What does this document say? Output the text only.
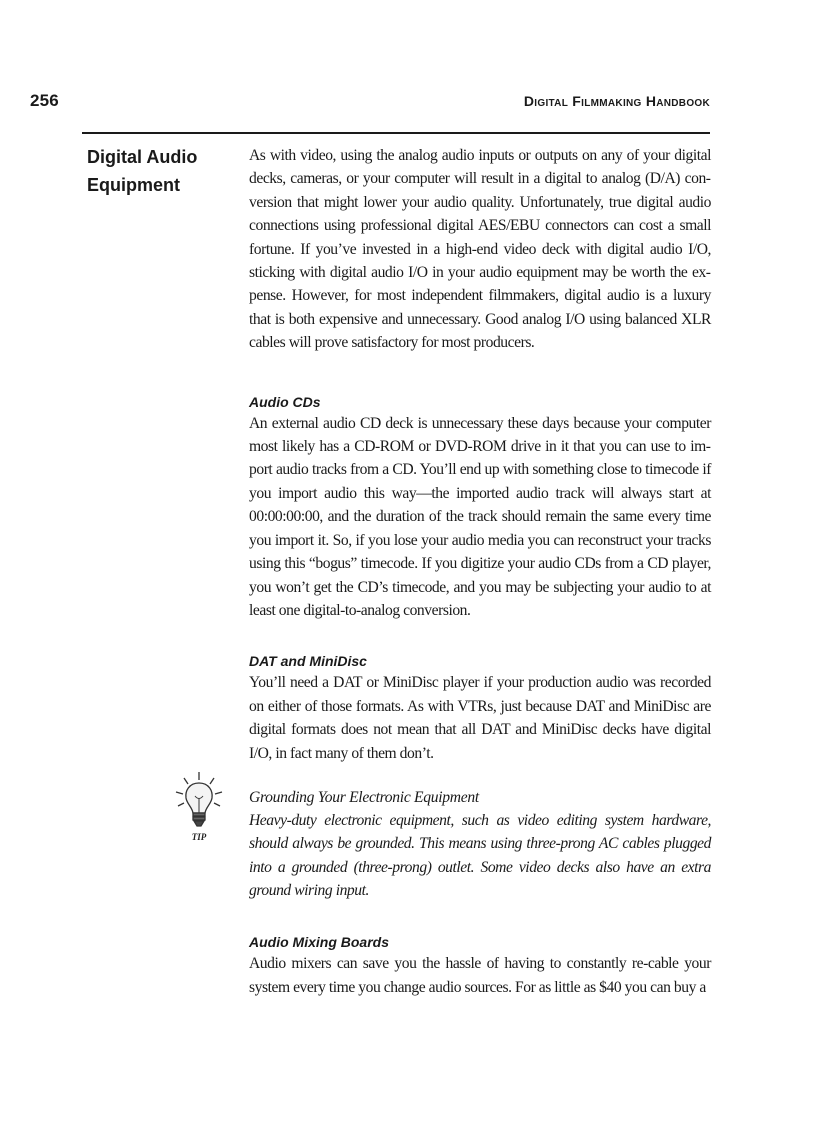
256	Digital Filmmaking Handbook
Digital Audio
Equipment

As with video, using the analog audio inputs or outputs on any of your digital decks, cameras, or your computer will result in a digital to analog (D/A) conversion that might lower your audio quality. Unfortunately, true digital audio connections using professional digital AES/EBU connectors can cost a small fortune. If you’ve invested in a high-end video deck with digital audio I/O, sticking with digital audio I/O in your audio equipment may be worth the expense. However, for most independent filmmakers, digital audio is a luxury that is both expensive and unnecessary. Good analog I/O using balanced XLR cables will prove satisfactory for most producers.

Audio CDs

An external audio CD deck is unnecessary these days because your computer most likely has a CD-ROM or DVD-ROM drive in it that you can use to import audio tracks from a CD. You’ll end up with something close to timecode if you import audio this way—the imported audio track will always start at 00:00:00:00, and the duration of the track should remain the same every time you import it. So, if you lose your audio media you can reconstruct your tracks using this “bogus” timecode. If you digitize your audio CDs from a CD player, you won’t get the CD’s timecode, and you may be subjecting your audio to at least one digital-to-analog conversion.

DAT and MiniDisc

You’ll need a DAT or MiniDisc player if your production audio was recorded on either of those formats. As with VTRs, just because DAT and MiniDisc are digital formats does not mean that all DAT and MiniDisc decks have digital I/O, in fact many of them don’t.

Grounding Your Electronic Equipment

Heavy-duty electronic equipment, such as video editing system hardware, should always be grounded. This means using three-prong AC cables plugged into a grounded (three-prong) outlet. Some video decks also have an extra ground wiring input.

Audio Mixing Boards

Audio mixers can save you the hassle of having to constantly re-cable your system every time you change audio sources. For as little as $40 you can buy a

TIP
